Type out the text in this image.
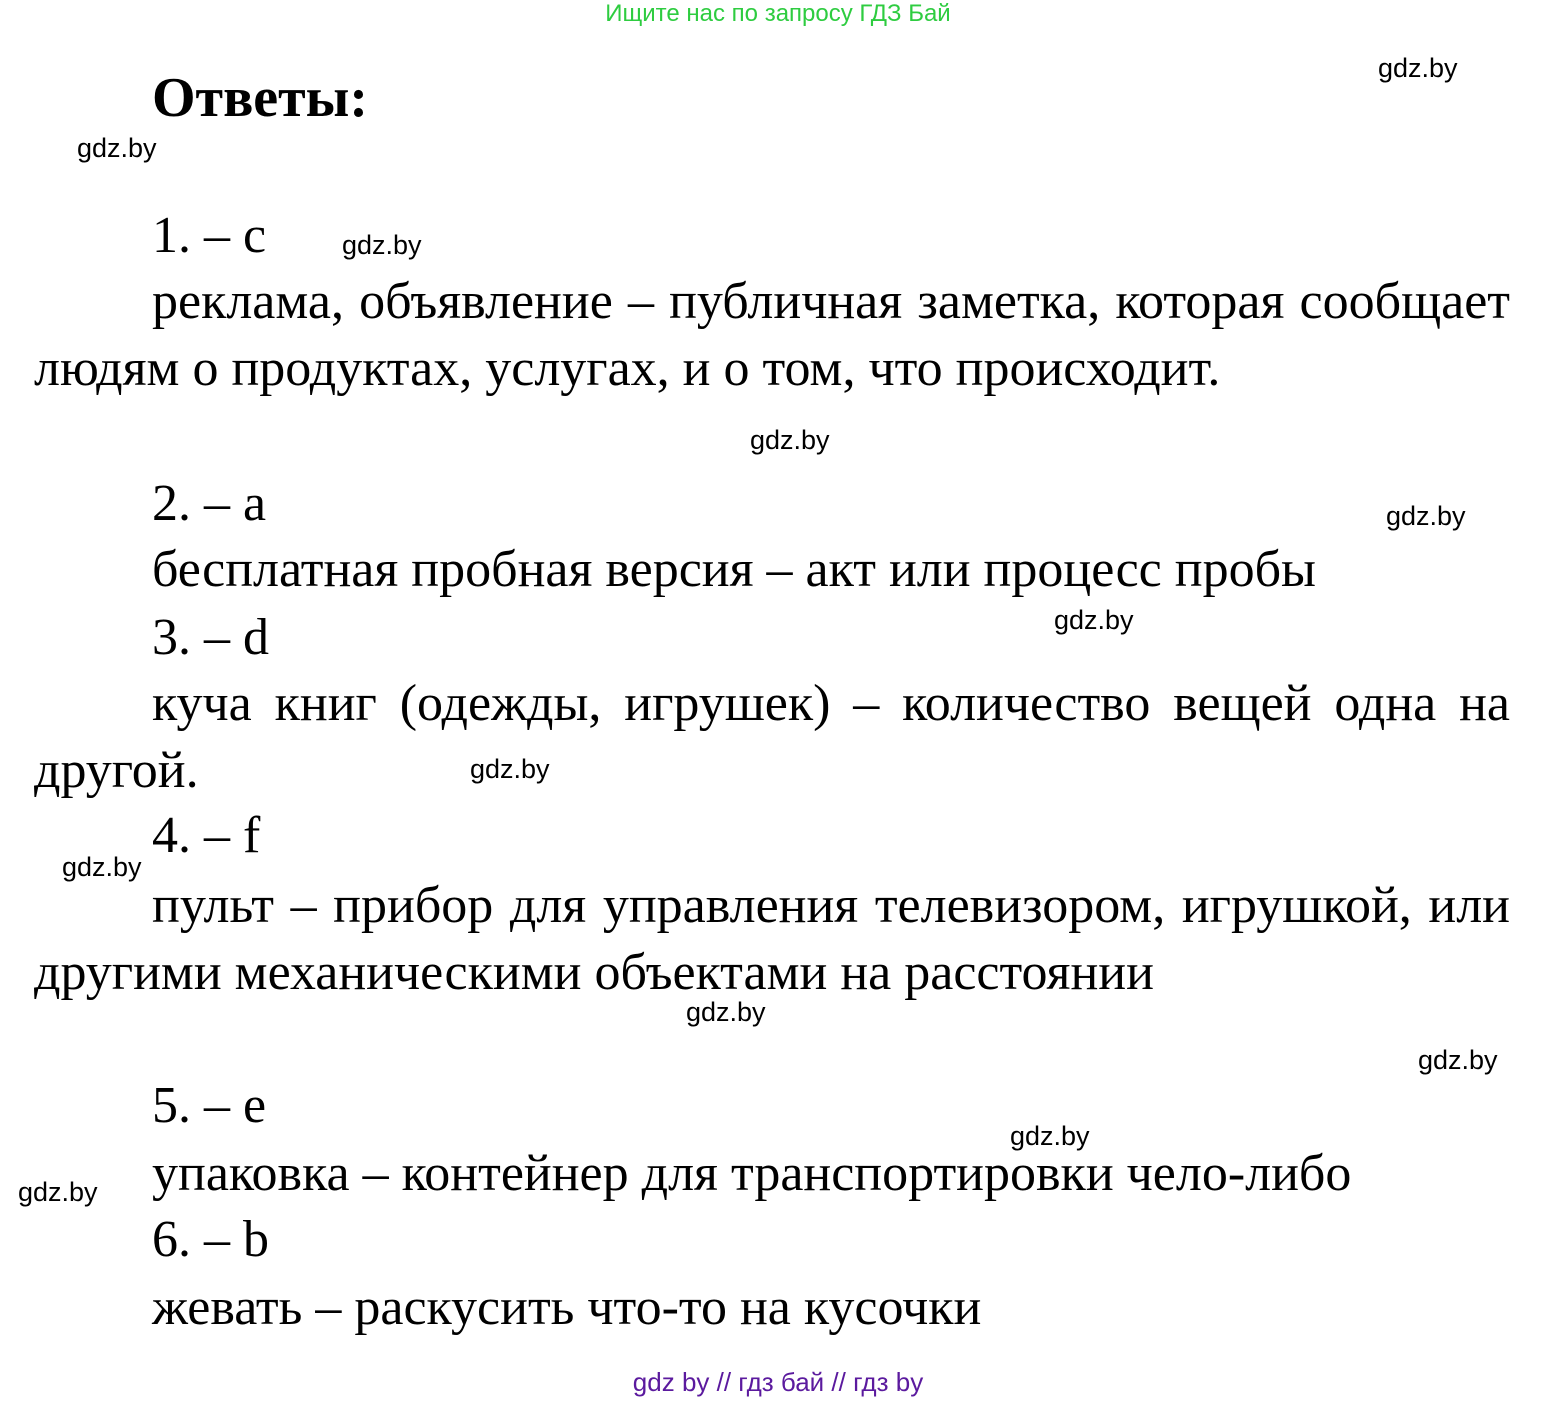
Ищите нас по запросу ГДЗ Бай
Ответы:
1. – c
реклама, объявление – публичная заметка, которая сообщает людям о продуктах, услугах, и о том, что происходит.
2. – a
бесплатная пробная версия – акт или процесс пробы
3. – d
куча книг (одежды, игрушек) – количество вещей одна на другой.
4. – f
пульт – прибор для управления телевизором, игрушкой, или другими механическими объектами на расстоянии
5. – e
упаковка – контейнер для транспортировки чело-либо
6. – b
жевать – раскусить что-то на кусочки
gdz.by
gdz.by
gdz.by
gdz.by
gdz.by
gdz.by
gdz.by
gdz.by
gdz.by
gdz.by
gdz.by
gdz.by
gdz by // гдз бай // гдз by
